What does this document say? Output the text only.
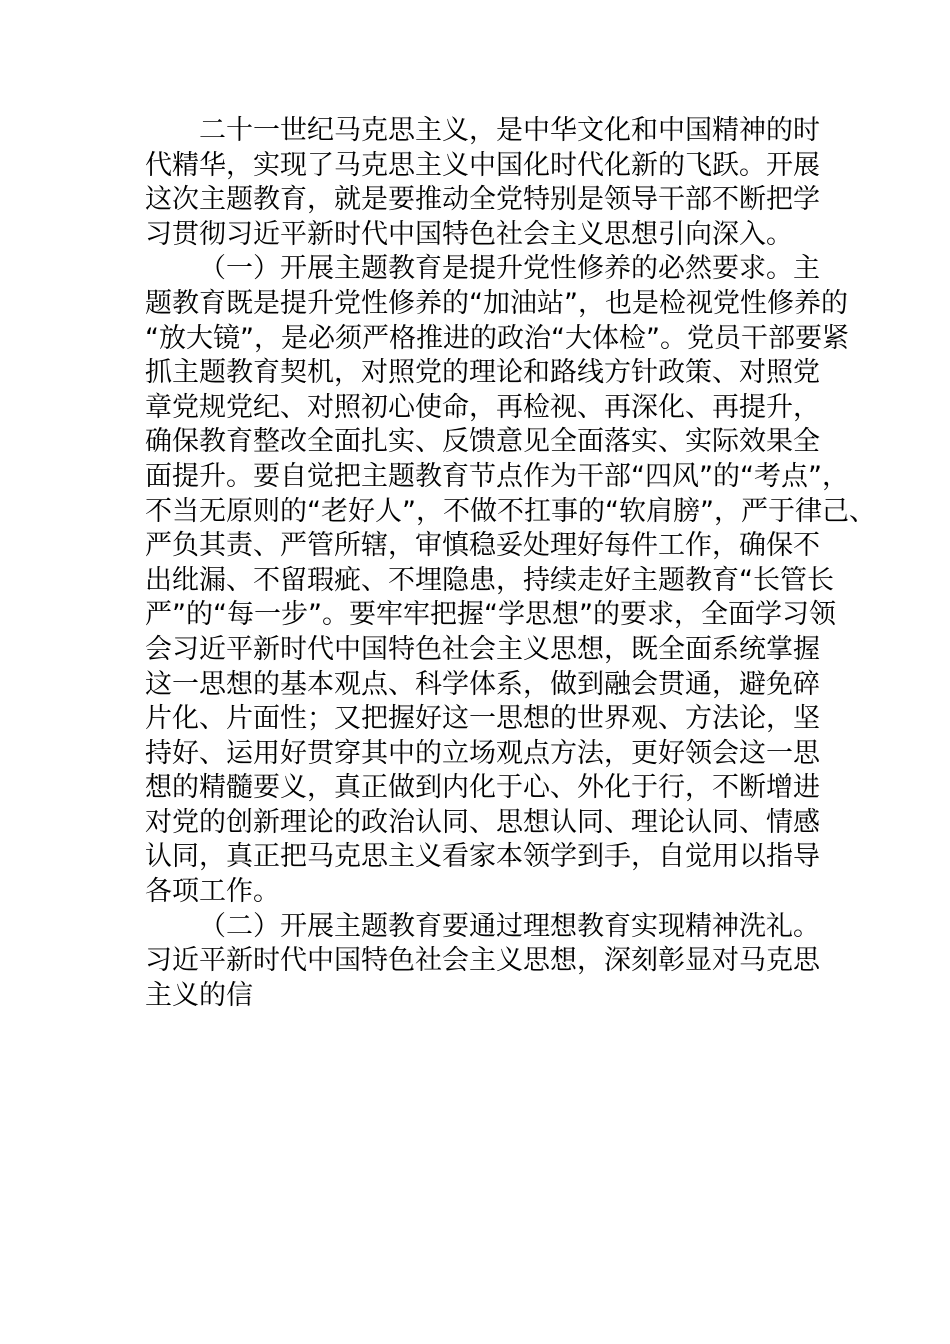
二十一世纪马克思主义，是中华文化和中国精神的时
代精华，实现了马克思主义中国化时代化新的飞跃。开展
这次主题教育，就是要推动全党特别是领导干部不断把学
习贯彻习近平新时代中国特色社会主义思想引向深入。
（一）开展主题教育是提升党性修养的必然要求。主
题教育既是提升党性修养的“加油站”，也是检视党性修养的
“放大镜”，是必须严格推进的政治“大体检”。党员干部要紧
抓主题教育契机，对照党的理论和路线方针政策、对照党
章党规党纪、对照初心使命，再检视、再深化、再提升，
确保教育整改全面扎实、反馈意见全面落实、实际效果全
面提升。要自觉把主题教育节点作为干部“四风”的“考点”，
不当无原则的“老好人”，不做不扛事的“软肩膀”，严于律己、
严负其责、严管所辖，审慎稳妥处理好每件工作，确保不
出纰漏、不留瑕疵、不埋隐患，持续走好主题教育“长管长
严”的“每一步”。要牢牢把握“学思想”的要求，全面学习领
会习近平新时代中国特色社会主义思想，既全面系统掌握
这一思想的基本观点、科学体系，做到融会贯通，避免碎
片化、片面性；又把握好这一思想的世界观、方法论，坚
持好、运用好贯穿其中的立场观点方法，更好领会这一思
想的精髓要义，真正做到内化于心、外化于行，不断增进
对党的创新理论的政治认同、思想认同、理论认同、情感
认同，真正把马克思主义看家本领学到手，自觉用以指导
各项工作。
（二）开展主题教育要通过理想教育实现精神洗礼。
习近平新时代中国特色社会主义思想，深刻彰显对马克思
主义的信
